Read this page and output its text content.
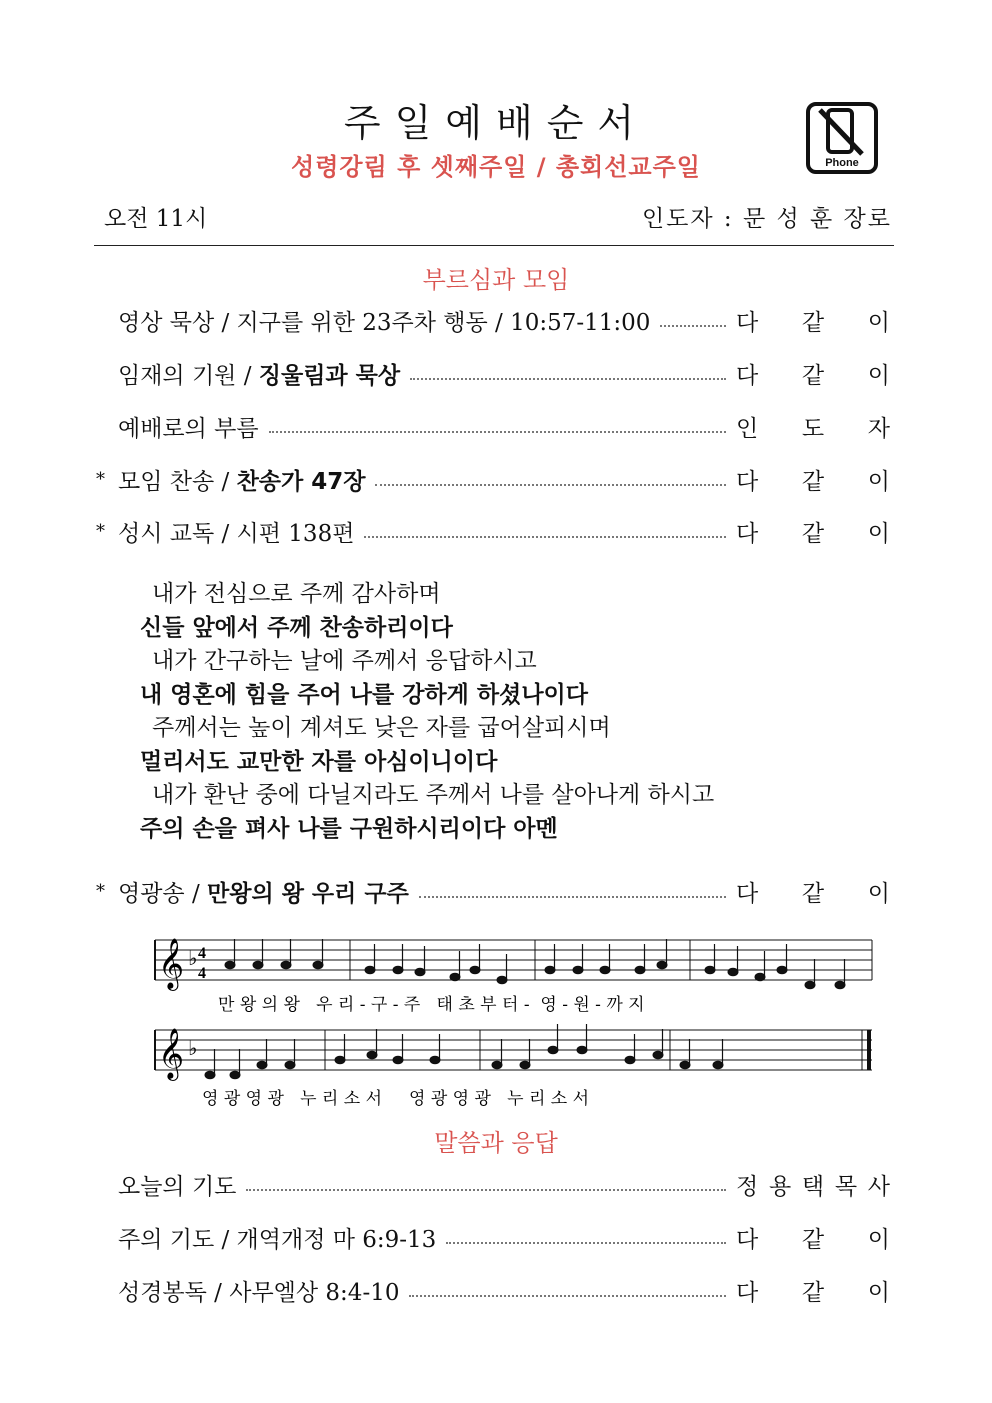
주일예배순서
성령강림 후 셋째주일 / 총회선교주일	Phone
오전 11시	인도자 : 문 성 훈 장로
부르심과 모임
내가 전심으로 주께 감사하며
신들 앞에서 주께 찬송하리이다
내가 간구하는 날에 주께서 응답하시고
내 영혼에 힘을 주어 나를 강하게 하셨나이다
주께서는 높이 계셔도 낮은 자를 굽어살피시며
멀리서도 교만한 자를 아심이니이다
내가 환난 중에 다닐지라도 주께서 나를 살아나게 하시고
주의 손을 펴사 나를 구원하시리이다 아멘
𝄞 ♭ 4
4
만 왕 의 왕   우 리 - 구 - 주   태 초 부 터 -  영 - 원 - 까 지
𝄞 ♭
영 광 영 광   누 리 소 서     영 광 영 광   누 리 소 서
말씀과 응답
영상 묵상 / 지구를 위한 23주차 행동 / 10:57-11:00	다 같 이
임재의 기원 / 징울림과 묵상	다 같 이
예배로의 부름	인 도 자
* 모임 찬송 / 찬송가 47장	다 같 이
* 성시 교독 / 시편 138편	다 같 이
* 영광송 / 만왕의 왕 우리 구주	다 같 이
오늘의 기도	정 용 택 목 사
주의 기도 / 개역개정 마 6:9-13	다 같 이
성경봉독 / 사무엘상 8:4-10	다 같 이
